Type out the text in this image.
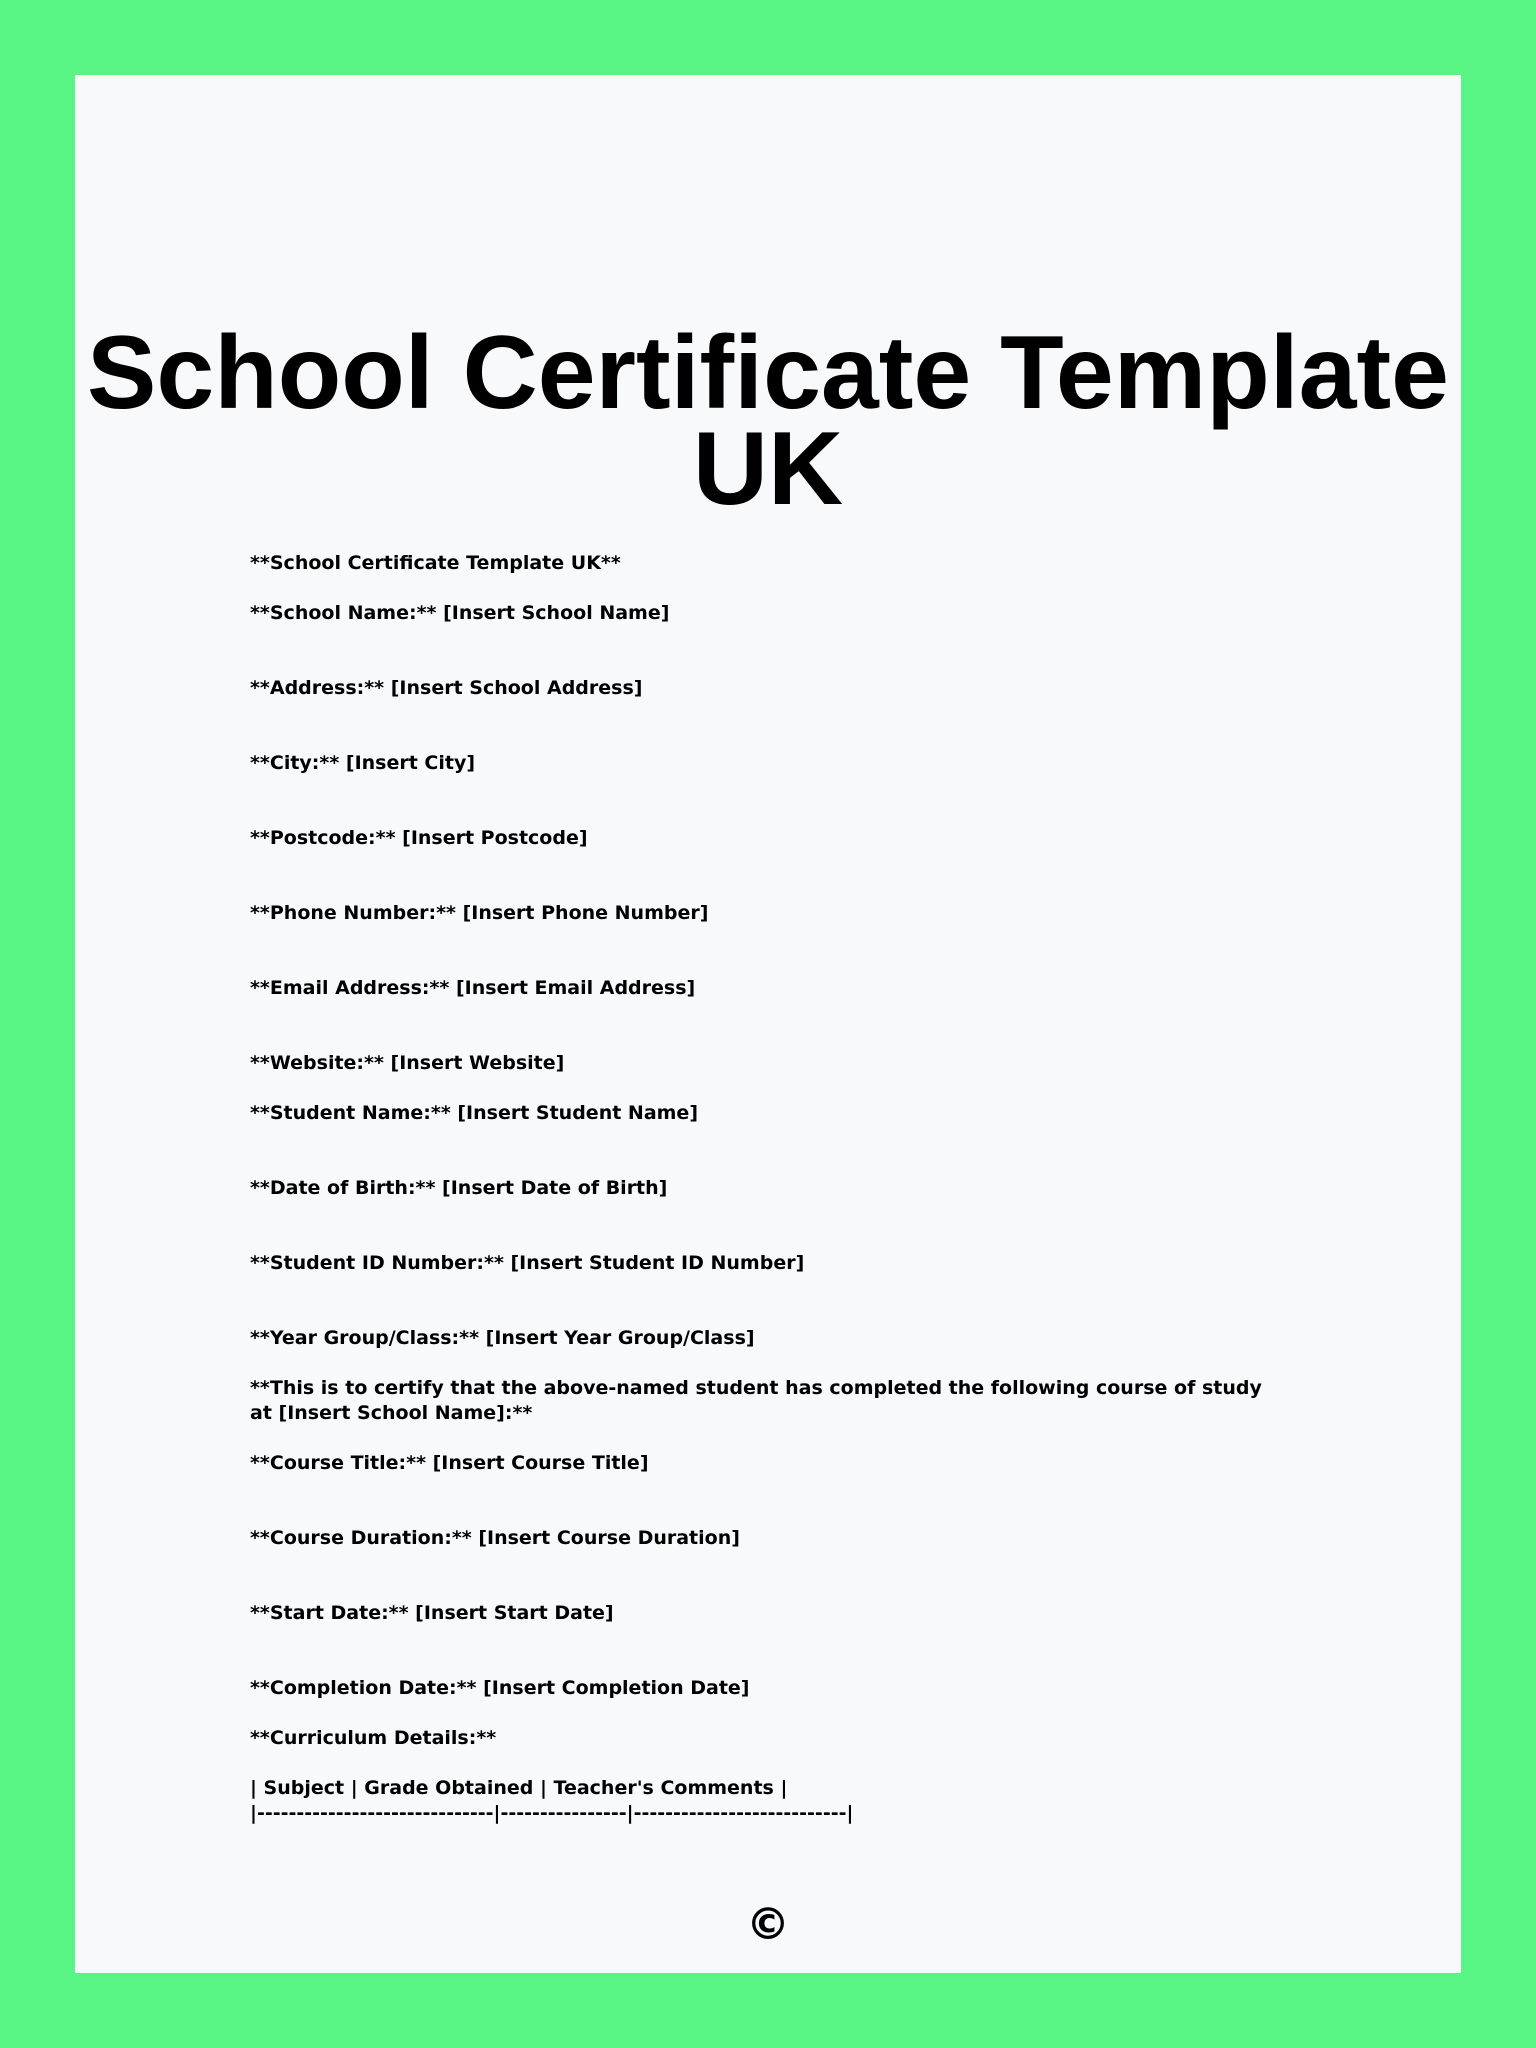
School Certificate Template UK

**School Certificate Template UK**

**School Name:** [Insert School Name]

**Address:** [Insert School Address]

**City:** [Insert City]

**Postcode:** [Insert Postcode]

**Phone Number:** [Insert Phone Number]

**Email Address:** [Insert Email Address]

**Website:** [Insert Website]

**Student Name:** [Insert Student Name]

**Date of Birth:** [Insert Date of Birth]

**Student ID Number:** [Insert Student ID Number]

**Year Group/Class:** [Insert Year Group/Class]

**This is to certify that the above-named student has completed the following course of study at [Insert School Name]:**

**Course Title:** [Insert Course Title]

**Course Duration:** [Insert Course Duration]

**Start Date:** [Insert Start Date]

**Completion Date:** [Insert Completion Date]

**Curriculum Details:**

| Subject | Grade Obtained | Teacher's Comments |

|------------------------------|----------------|---------------------------|

©
